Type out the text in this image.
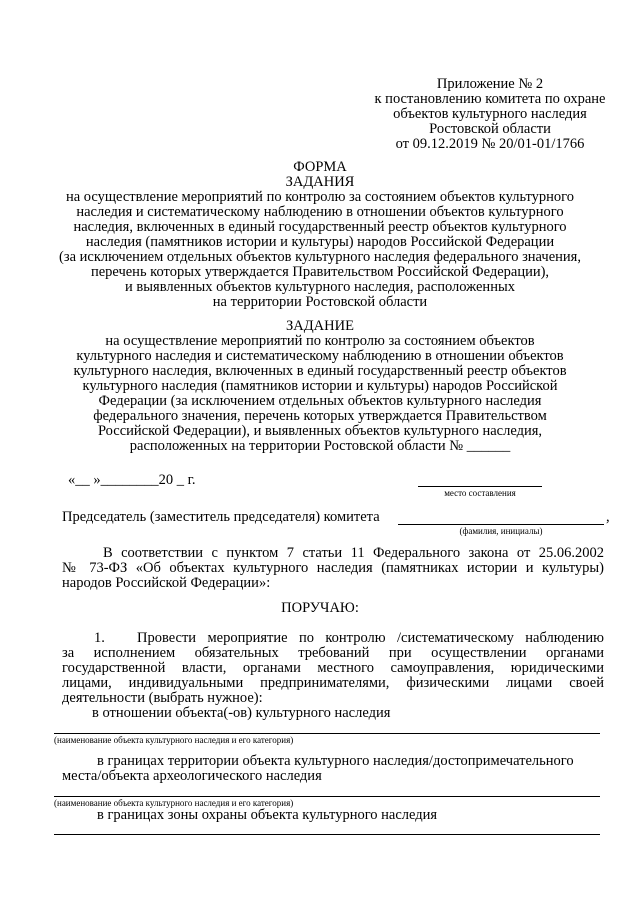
Приложение № 2
к постановлению комитета по охране
объектов культурного наследия
Ростовской области
от 09.12.2019 № 20/01-01/1766
ФОРМА
ЗАДАНИЯ
на осуществление мероприятий по контролю за состоянием объектов культурного
наследия и систематическому наблюдению в отношении объектов культурного
наследия, включенных в единый государственный реестр объектов культурного
наследия (памятников истории и культуры) народов Российской Федерации
(за исключением отдельных объектов культурного наследия федерального значения,
перечень которых утверждается Правительством Российской Федерации),
и выявленных объектов культурного наследия, расположенных
на территории Ростовской области
ЗАДАНИЕ
на осуществление мероприятий по контролю за состоянием объектов
культурного наследия и систематическому наблюдению в отношении объектов
культурного наследия, включенных в единый государственный реестр объектов
культурного наследия (памятников истории и культуры) народов Российской
Федерации (за исключением отдельных объектов культурного наследия
федерального значения, перечень которых утверждается Правительством
Российской Федерации), и выявленных объектов культурного наследия,
расположенных на территории Ростовской области № ______
«__ »________20 _ г.
место составления
Председатель (заместитель председателя) комитета	,
(фамилия, инициалы)
В соответствии с пунктом 7 статьи 11 Федерального закона от 25.06.2002
№ 73-ФЗ «Об объектах культурного наследия (памятниках истории и культуры)
народов Российской Федерации»:
ПОРУЧАЮ:
1. Провести мероприятие по контролю /систематическому наблюдению
за исполнением обязательных требований при осуществлении органами
государственной власти, органами местного самоуправления, юридическими
лицами, индивидуальными предпринимателями, физическими лицами своей
деятельности (выбрать нужное):
в отношении объекта(-ов) культурного наследия
(наименование объекта культурного наследия и его категория)
в границах территории объекта культурного наследия/достопримечательного
места/объекта археологического наследия
(наименование объекта культурного наследия и его категория)
в границах зоны охраны объекта культурного наследия
